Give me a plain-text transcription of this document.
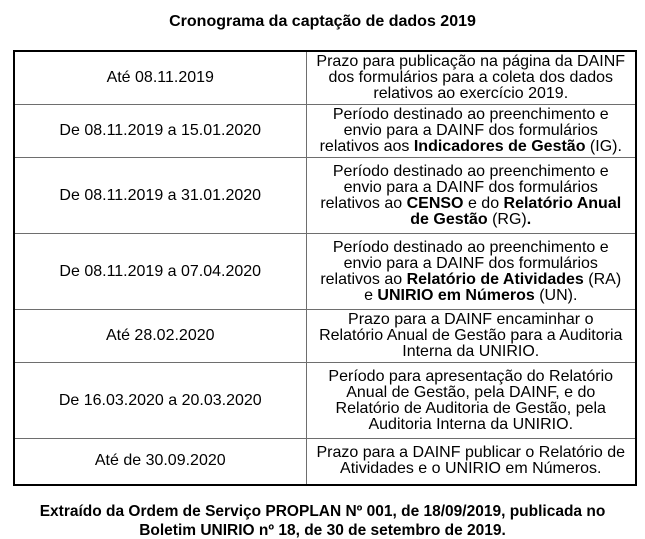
Cronograma da captação de dados 2019
Até 08.11.2019	Prazo para publicação na página da DAINF dos formulários para a coleta dos dados relativos ao exercício 2019.
De 08.11.2019 a 15.01.2020	Período destinado ao preenchimento e envio para a DAINF dos formulários relativos aos Indicadores de Gestão (IG).
De 08.11.2019 a 31.01.2020	Período destinado ao preenchimento e envio para a DAINF dos formulários relativos ao CENSO e do Relatório Anual de Gestão (RG).
De 08.11.2019 a 07.04.2020	Período destinado ao preenchimento e envio para a DAINF dos formulários relativos ao Relatório de Atividades (RA) e UNIRIO em Números (UN).
Até 28.02.2020	Prazo para a DAINF encaminhar o Relatório Anual de Gestão para a Auditoria Interna da UNIRIO.
De 16.03.2020 a 20.03.2020	Período para apresentação do Relatório Anual de Gestão, pela DAINF, e do Relatório de Auditoria de Gestão, pela Auditoria Interna da UNIRIO.
Até de 30.09.2020	Prazo para a DAINF publicar o Relatório de Atividades e o UNIRIO em Números.
Extraído da Ordem de Serviço PROPLAN Nº 001, de 18/09/2019, publicada no Boletim UNIRIO nº 18, de 30 de setembro de 2019.
